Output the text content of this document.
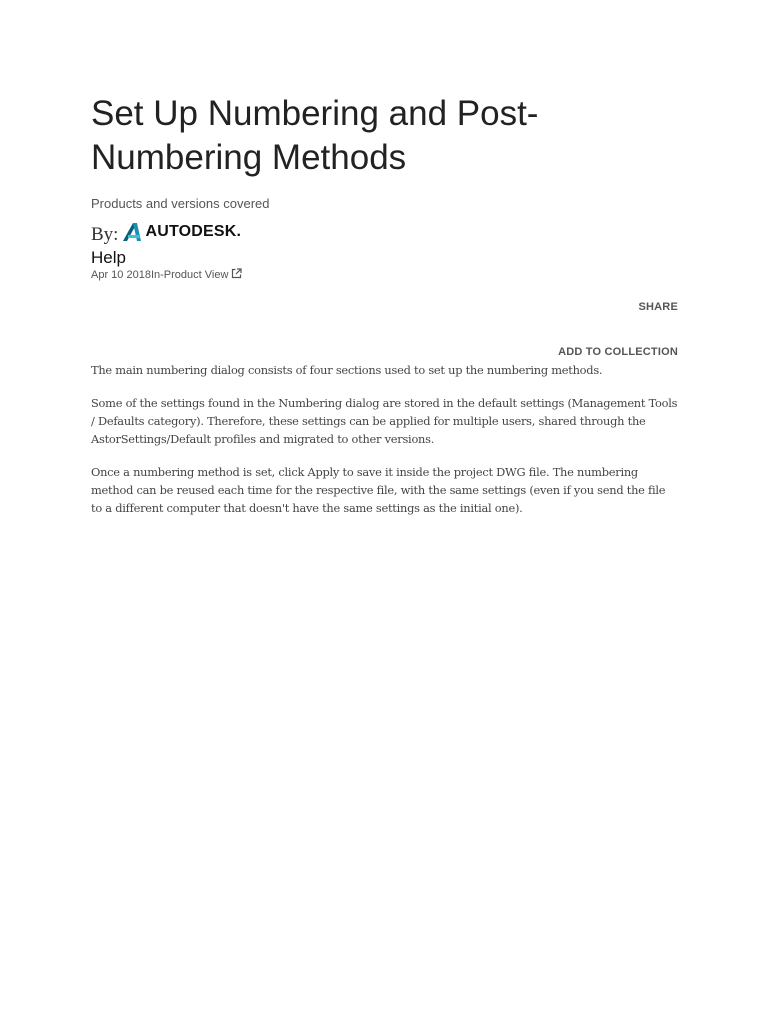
Set Up Numbering and Post-Numbering Methods
Products and versions covered
By: AUTODESK.
Help
Apr 10 2018 In-Product View
SHARE
ADD TO COLLECTION

The main numbering dialog consists of four sections used to set up the numbering methods.

Some of the settings found in the Numbering dialog are stored in the default settings (Management Tools / Defaults category). Therefore, these settings can be applied for multiple users, shared through the AstorSettings/Default profiles and migrated to other versions.

Once a numbering method is set, click Apply to save it inside the project DWG file. The numbering method can be reused each time for the respective file, with the same settings (even if you send the file to a different computer that doesn't have the same settings as the initial one).
